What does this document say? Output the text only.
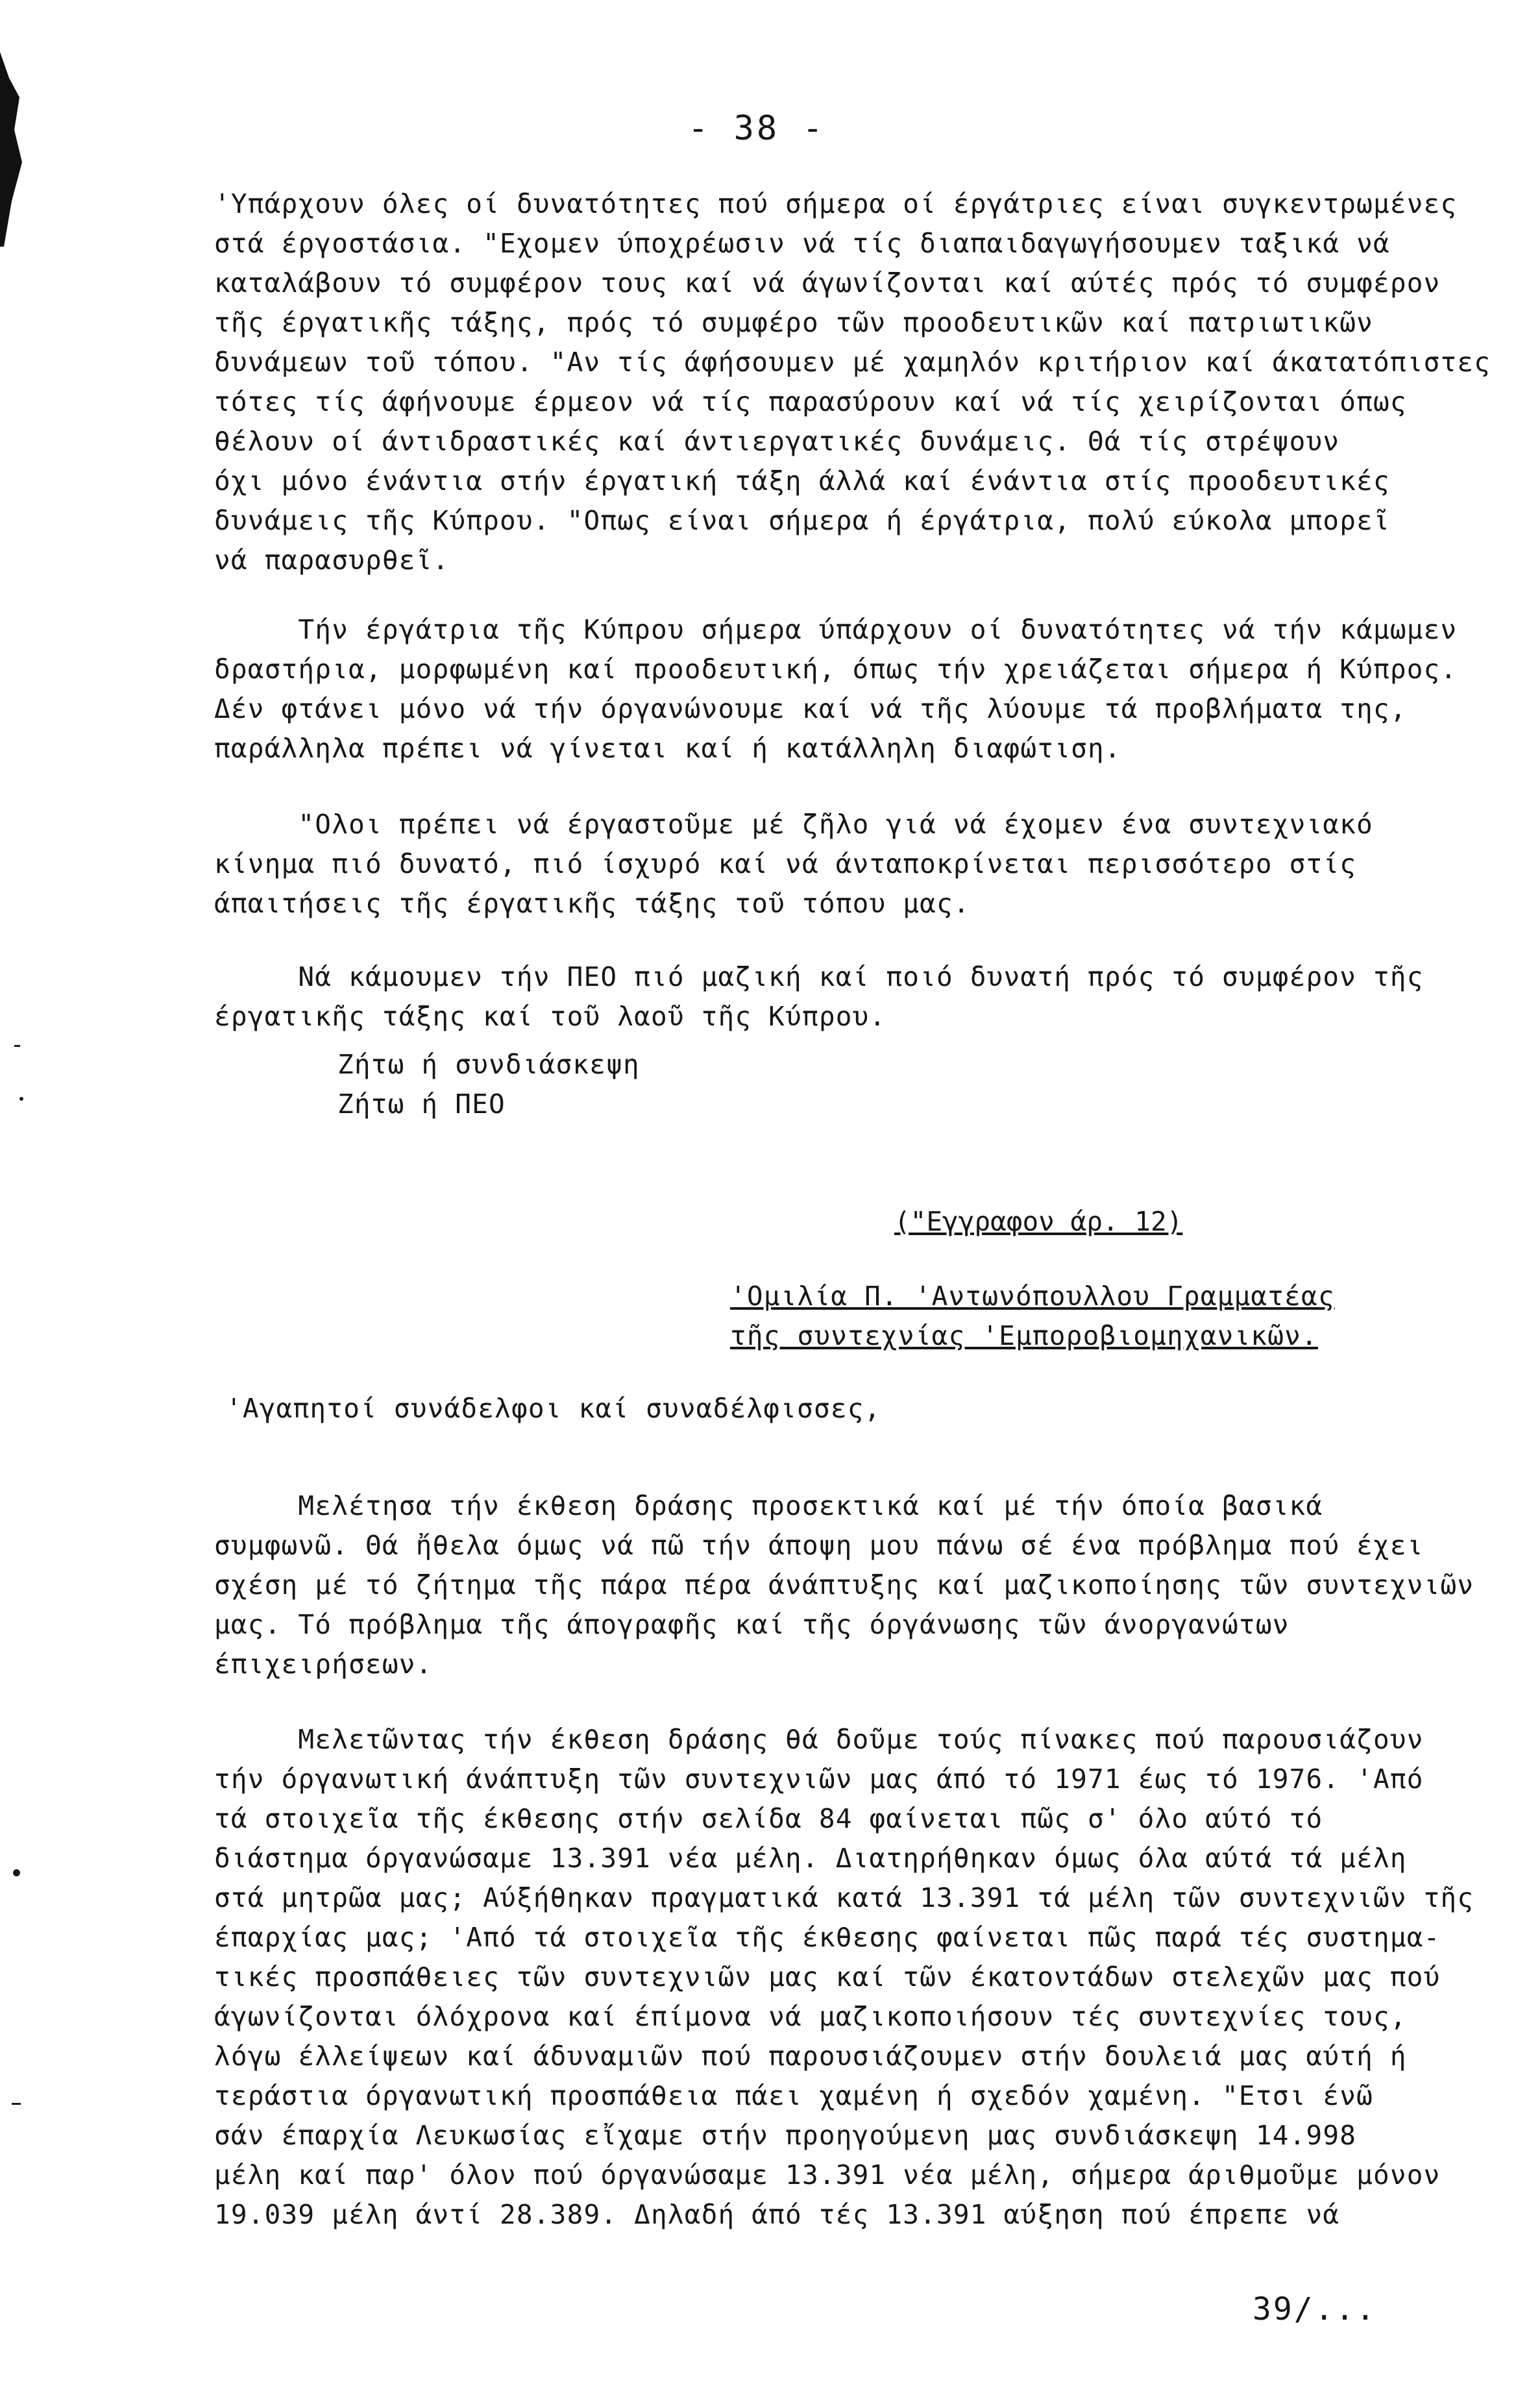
- 38 -
'Υπάρχουν όλες οί δυνατότητες πού σήμερα οί έργάτριες είναι συγκεντρωμένες
στά έργοστάσια. "Εχομεν ύποχρέωσιν νά τίς διαπαιδαγωγήσουμεν ταξικά νά
καταλάβουν τό συμφέρον τους καί νά άγωνίζονται καί αύτές πρός τό συμφέρον
τῆς έργατικῆς τάξης, πρός τό συμφέρο τῶν προοδευτικῶν καί πατριωτικῶν
δυνάμεων τοῦ τόπου. "Αν τίς άφήσουμεν μέ χαμηλόν κριτήριον καί άκατατόπιστες
τότες τίς άφήνουμε έρμεον νά τίς παρασύρουν καί νά τίς χειρίζονται όπως
θέλουν οί άντιδραστικές καί άντιεργατικές δυνάμεις. Θά τίς στρέψουν
όχι μόνο ένάντια στήν έργατική τάξη άλλά καί ένάντια στίς προοδευτικές
δυνάμεις τῆς Κύπρου. "Οπως είναι σήμερα ή έργάτρια, πολύ εύκολα μπορεῖ
νά παρασυρθεῖ.
Τήν έργάτρια τῆς Κύπρου σήμερα ύπάρχουν οί δυνατότητες νά τήν κάμωμεν
δραστήρια, μορφωμένη καί προοδευτική, όπως τήν χρειάζεται σήμερα ή Κύπρος.
Δέν φτάνει μόνο νά τήν όργανώνουμε καί νά τῆς λύουμε τά προβλήματα της,
παράλληλα πρέπει νά γίνεται καί ή κατάλληλη διαφώτιση.
"Ολοι πρέπει νά έργαστοῦμε μέ ζῆλο γιά νά έχομεν ένα συντεχνιακό
κίνημα πιό δυνατό, πιό ίσχυρό καί νά άνταποκρίνεται περισσότερο στίς
άπαιτήσεις τῆς έργατικῆς τάξης τοῦ τόπου μας.
Νά κάμουμεν τήν ΠΕΟ πιό μαζική καί ποιό δυνατή πρός τό συμφέρον τῆς
έργατικῆς τάξης καί τοῦ λαοῦ τῆς Κύπρου.
Ζήτω ή συνδιάσκεψη
Ζήτω ή ΠΕΟ
("Εγγραφον άρ. 12)
'Ομιλία Π. 'Αντωνόπουλλου Γραμματέας
τῆς συντεχνίας 'Εμποροβιομηχανικῶν.
'Αγαπητοί συνάδελφοι καί συναδέλφισσες,
Μελέτησα τήν έκθεση δράσης προσεκτικά καί μέ τήν όποία βασικά
συμφωνῶ. Θά ἤθελα όμως νά πῶ τήν άποψη μου πάνω σέ ένα πρόβλημα πού έχει
σχέση μέ τό ζήτημα τῆς πάρα πέρα άνάπτυξης καί μαζικοποίησης τῶν συντεχνιῶν
μας. Τό πρόβλημα τῆς άπογραφῆς καί τῆς όργάνωσης τῶν άνοργανώτων
έπιχειρήσεων.
Μελετῶντας τήν έκθεση δράσης θά δοῦμε τούς πίνακες πού παρουσιάζουν
τήν όργανωτική άνάπτυξη τῶν συντεχνιῶν μας άπό τό 1971 έως τό 1976. 'Από
τά στοιχεῖα τῆς έκθεσης στήν σελίδα 84 φαίνεται πῶς σ' όλο αύτό τό
διάστημα όργανώσαμε 13.391 νέα μέλη. Διατηρήθηκαν όμως όλα αύτά τά μέλη
στά μητρῶα μας; Αύξήθηκαν πραγματικά κατά 13.391 τά μέλη τῶν συντεχνιῶν τῆς
έπαρχίας μας; 'Από τά στοιχεῖα τῆς έκθεσης φαίνεται πῶς παρά τές συστημα-
τικές προσπάθειες τῶν συντεχνιῶν μας καί τῶν έκατοντάδων στελεχῶν μας πού
άγωνίζονται όλόχρονα καί έπίμονα νά μαζικοποιήσουν τές συντεχνίες τους,
λόγω έλλείψεων καί άδυναμιῶν πού παρουσιάζουμεν στήν δουλειά μας αύτή ή
τεράστια όργανωτική προσπάθεια πάει χαμένη ή σχεδόν χαμένη. "Ετσι ένῶ
σάν έπαρχία Λευκωσίας εἴχαμε στήν προηγούμενη μας συνδιάσκεψη 14.998
μέλη καί παρ' όλον πού όργανώσαμε 13.391 νέα μέλη, σήμερα άριθμοῦμε μόνον
19.039 μέλη άντί 28.389. Δηλαδή άπό τές 13.391 αύξηση πού έπρεπε νά
39/...
